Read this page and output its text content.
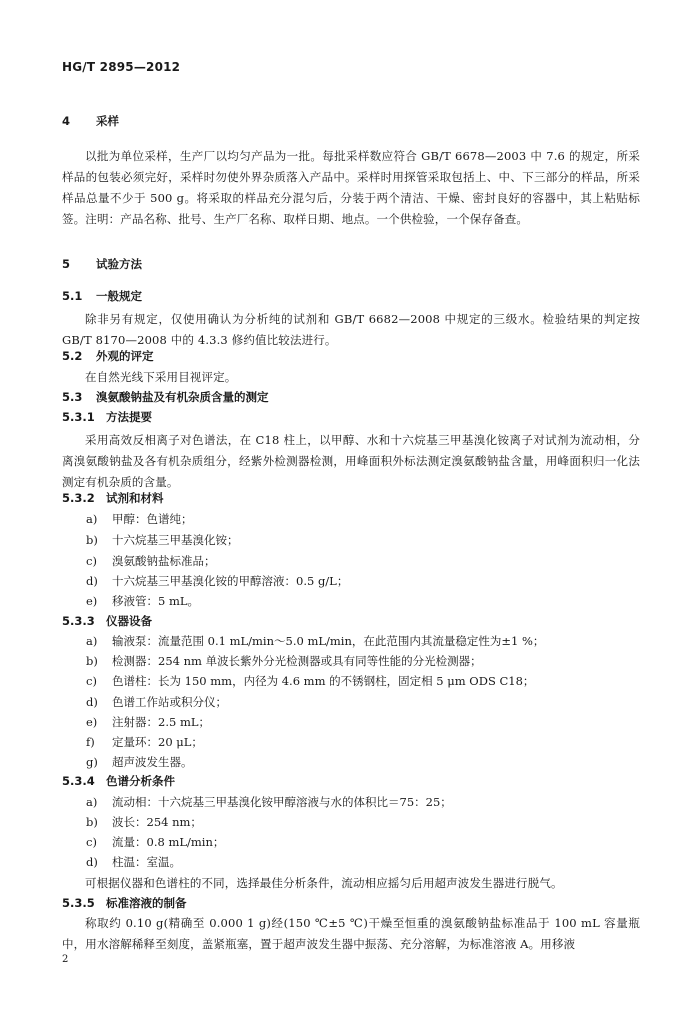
HG/T 2895—2012
4 采样
以批为单位采样，生产厂以均匀产品为一批。每批采样数应符合 GB/T 6678—2003 中 7.6 的规定，所采样品的包装必须完好，采样时勿使外界杂质落入产品中。采样时用探管采取包括上、中、下三部分的样品，所采样品总量不少于 500 g。将采取的样品充分混匀后，分装于两个清洁、干燥、密封良好的容器中，其上粘贴标签。注明：产品名称、批号、生产厂名称、取样日期、地点。一个供检验，一个保存备查。
5 试验方法
5.1 一般规定
除非另有规定，仅使用确认为分析纯的试剂和 GB/T 6682—2008 中规定的三级水。检验结果的判定按 GB/T 8170—2008 中的 4.3.3 修约值比较法进行。
5.2 外观的评定
在自然光线下采用目视评定。
5.3 溴氨酸钠盐及有机杂质含量的测定
5.3.1 方法提要
采用高效反相离子对色谱法，在 C18 柱上，以甲醇、水和十六烷基三甲基溴化铵离子对试剂为流动相，分离溴氨酸钠盐及各有机杂质组分，经紫外检测器检测，用峰面积外标法测定溴氨酸钠盐含量，用峰面积归一化法测定有机杂质的含量。
5.3.2 试剂和材料
a) 甲醇：色谱纯；
b) 十六烷基三甲基溴化铵；
c) 溴氨酸钠盐标准品；
d) 十六烷基三甲基溴化铵的甲醇溶液：0.5 g/L；
e) 移液管：5 mL。
5.3.3 仪器设备
a) 输液泵：流量范围 0.1 mL/min～5.0 mL/min，在此范围内其流量稳定性为±1 %；
b) 检测器：254 nm 单波长紫外分光检测器或具有同等性能的分光检测器；
c) 色谱柱：长为 150 mm，内径为 4.6 mm 的不锈钢柱，固定相 5 μm ODS C18；
d) 色谱工作站或积分仪；
e) 注射器：2.5 mL；
f) 定量环：20 μL；
g) 超声波发生器。
5.3.4 色谱分析条件
a) 流动相：十六烷基三甲基溴化铵甲醇溶液与水的体积比＝75：25；
b) 波长：254 nm；
c) 流量：0.8 mL/min；
d) 柱温：室温。
可根据仪器和色谱柱的不同，选择最佳分析条件，流动相应摇匀后用超声波发生器进行脱气。
5.3.5 标准溶液的制备
称取约 0.10 g(精确至 0.000 1 g)经(150 ℃±5 ℃)干燥至恒重的溴氨酸钠盐标准品于 100 mL 容量瓶中，用水溶解稀释至刻度，盖紧瓶塞，置于超声波发生器中振荡、充分溶解，为标准溶液 A。用移液
2
